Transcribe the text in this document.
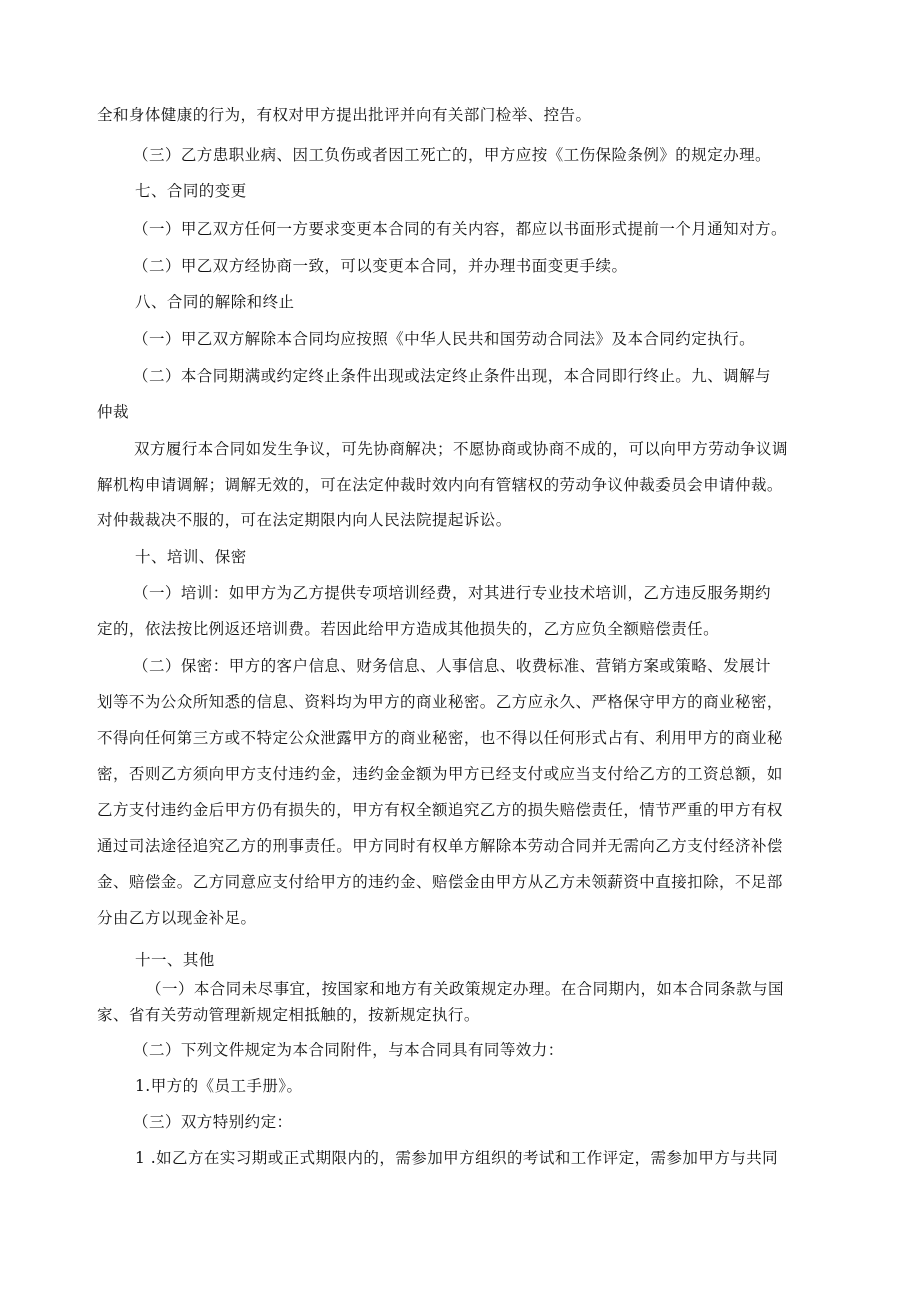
全和身体健康的行为，有权对甲方提出批评并向有关部门检举、控告。
（三）乙方患职业病、因工负伤或者因工死亡的，甲方应按《工伤保险条例》的规定办理。
七、合同的变更
（一）甲乙双方任何一方要求变更本合同的有关内容，都应以书面形式提前一个月通知对方。
（二）甲乙双方经协商一致，可以变更本合同，并办理书面变更手续。
八、合同的解除和终止
（一）甲乙双方解除本合同均应按照《中华人民共和国劳动合同法》及本合同约定执行。
（二）本合同期满或约定终止条件出现或法定终止条件出现，本合同即行终止。九、调解与
仲裁
双方履行本合同如发生争议，可先协商解决；不愿协商或协商不成的，可以向甲方劳动争议调
解机构申请调解；调解无效的，可在法定仲裁时效内向有管辖权的劳动争议仲裁委员会申请仲裁。
对仲裁裁决不服的，可在法定期限内向人民法院提起诉讼。
十、培训、保密
（一）培训：如甲方为乙方提供专项培训经费，对其进行专业技术培训，乙方违反服务期约
定的，依法按比例返还培训费。若因此给甲方造成其他损失的，乙方应负全额赔偿责任。
（二）保密：甲方的客户信息、财务信息、人事信息、收费标准、营销方案或策略、发展计
划等不为公众所知悉的信息、资料均为甲方的商业秘密。乙方应永久、严格保守甲方的商业秘密，
不得向任何第三方或不特定公众泄露甲方的商业秘密，也不得以任何形式占有、利用甲方的商业秘
密，否则乙方须向甲方支付违约金，违约金金额为甲方已经支付或应当支付给乙方的工资总额，如
乙方支付违约金后甲方仍有损失的，甲方有权全额追究乙方的损失赔偿责任，情节严重的甲方有权
通过司法途径追究乙方的刑事责任。甲方同时有权单方解除本劳动合同并无需向乙方支付经济补偿
金、赔偿金。乙方同意应支付给甲方的违约金、赔偿金由甲方从乙方未领薪资中直接扣除，不足部
分由乙方以现金补足。
十一、其他
（一）本合同未尽事宜，按国家和地方有关政策规定办理。在合同期内，如本合同条款与国
家、省有关劳动管理新规定相抵触的，按新规定执行。
（二）下列文件规定为本合同附件，与本合同具有同等效力：
1.甲方的《员工手册》。
（三）双方特别约定：
1 .如乙方在实习期或正式期限内的，需参加甲方组织的考试和工作评定，需参加甲方与共同
